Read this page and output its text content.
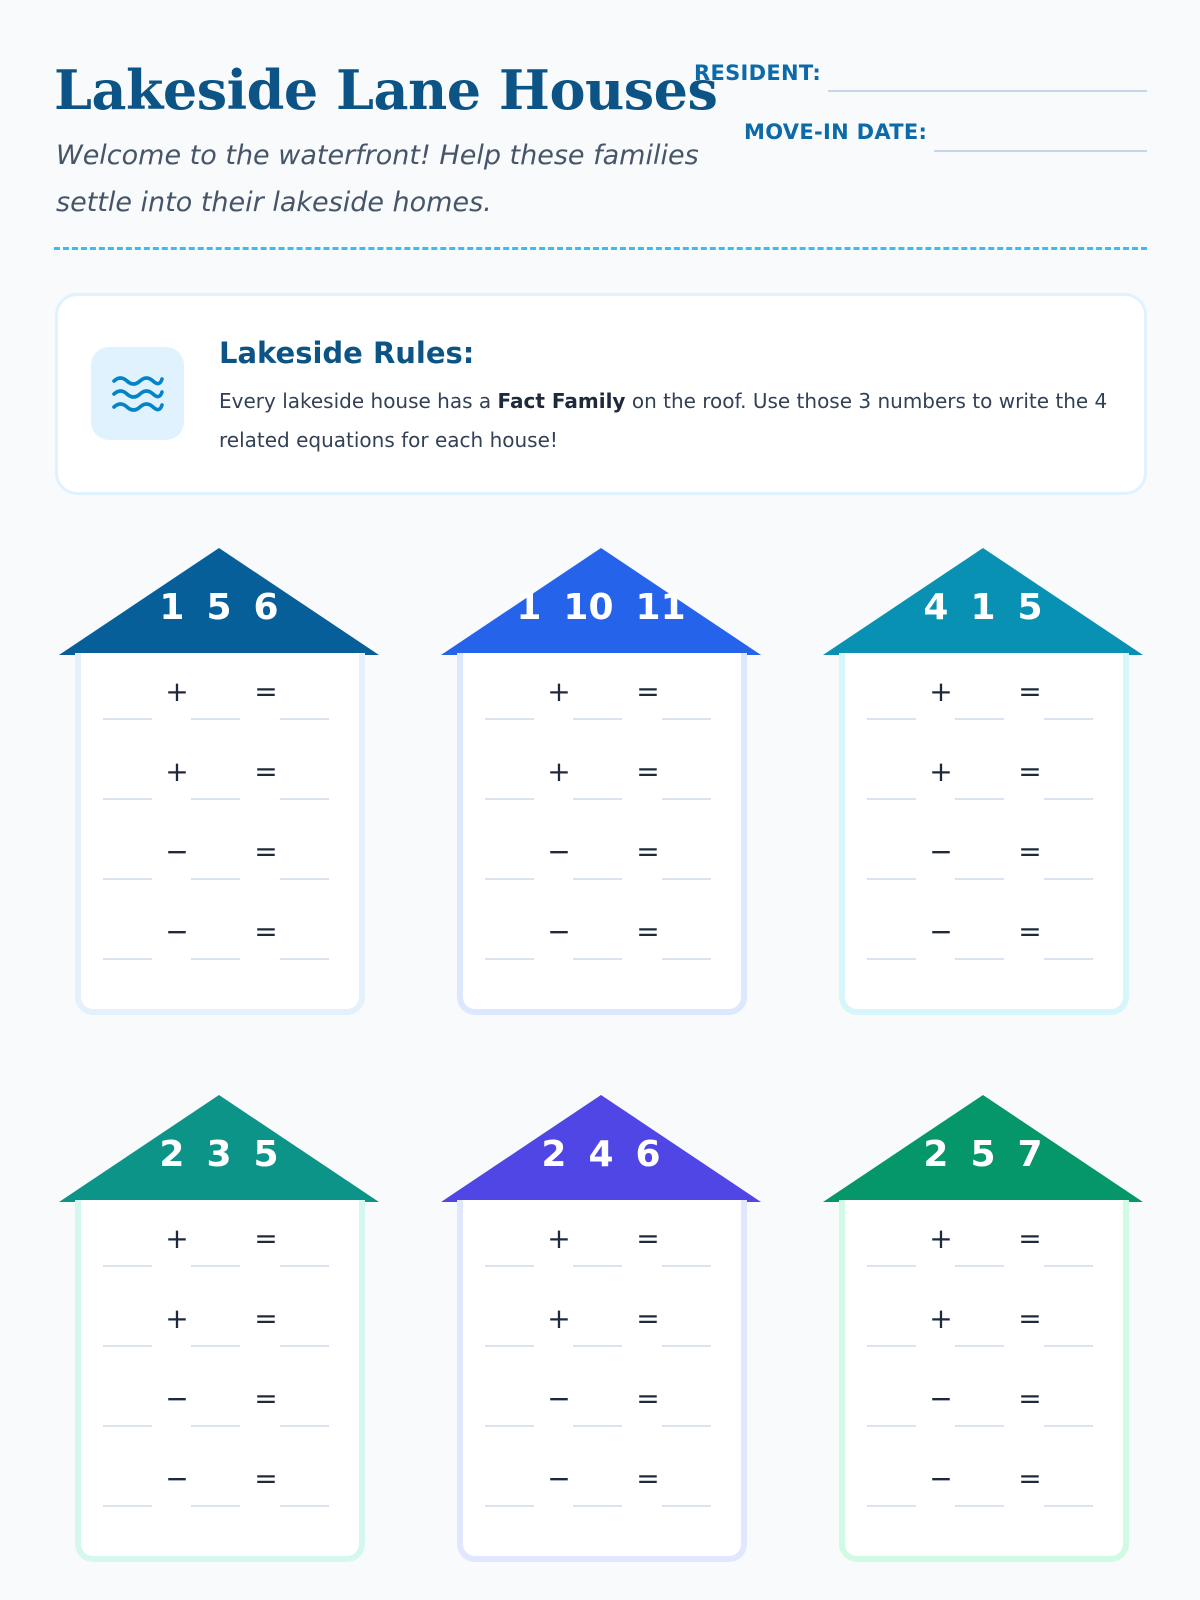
Lakeside Lane Houses
Welcome to the waterfront! Help these families settle into their lakeside homes.
RESIDENT:
MOVE-IN DATE:
Lakeside Rules:
Every lakeside house has a Fact Family on the roof. Use those 3 numbers to write the 4 related equations for each house!
1 5 6
+ =
+ =
− =
− =
1 10 11
+ =
+ =
− =
− =
4 1 5
+ =
+ =
− =
− =
2 3 5
+ =
+ =
− =
− =
2 4 6
+ =
+ =
− =
− =
2 5 7
+ =
+ =
− =
− =
